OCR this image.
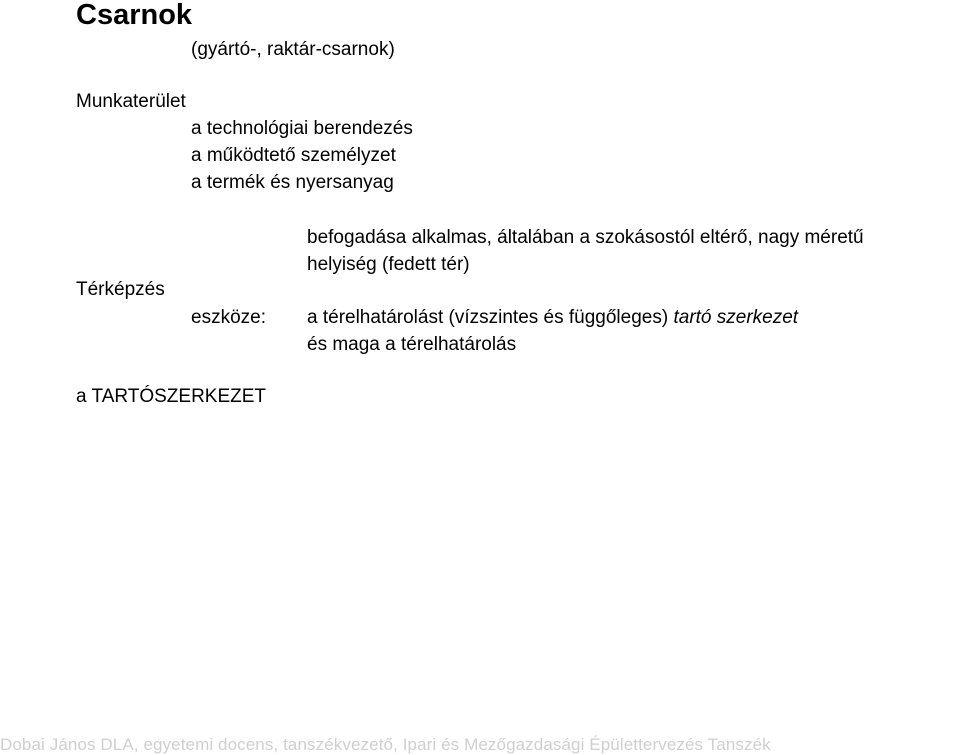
Csarnok
(gyártó-, raktár-csarnok)
Munkaterület
a technológiai berendezés
a működtető személyzet
a termék és nyersanyag
befogadása alkalmas, általában a szokásostól eltérő, nagy méretű
helyiség (fedett tér)
Térképzés
eszköze: a térelhatárolást (vízszintes és függőleges) tartó szerkezet
és maga a térelhatárolás
a TARTÓSZERKEZET
Dobai János DLA, egyetemi docens, tanszékvezető, Ipari és Mezőgazdasági Épülettervezés Tanszék
